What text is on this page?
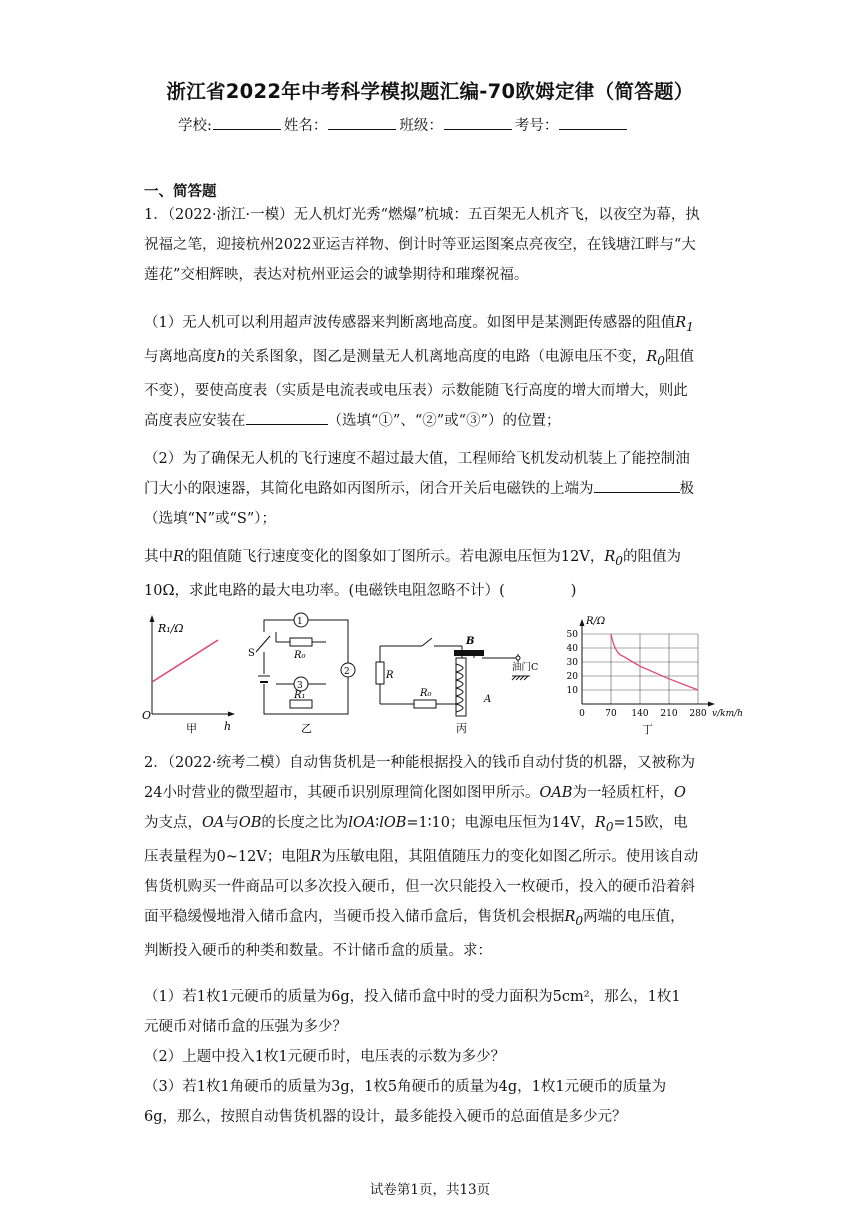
浙江省2022年中考科学模拟题汇编-70欧姆定律（简答题）
学校:	姓名：	班级：	考号：
一、简答题
1．（2022·浙江·一模）无人机灯光秀“燃爆”杭城：五百架无人机齐飞，以夜空为幕，执
祝福之笔，迎接杭州2022亚运吉祥物、倒计时等亚运图案点亮夜空，在钱塘江畔与“大
莲花”交相辉映，表达对杭州亚运会的诚挚期待和璀璨祝福。
（1）无人机可以利用超声波传感器来判断离地高度。如图甲是某测距传感器的阻值$R_1$
与离地高度h的关系图象，图乙是测量无人机离地高度的电路（电源电压不变，$R_0$阻值
不变），要使高度表（实质是电流表或电压表）示数能随飞行高度的增大而增大，则此
高度表应安装在	（选填“①”、“②”或“③”）的位置；
（2）为了确保无人机的飞行速度不超过最大值，工程师给飞机发动机装上了能控制油
门大小的限速器，其简化电路如丙图所示，闭合开关后电磁铁的上端为	极
（选填“N”或“S”）；
其中R的阻值随飞行速度变化的图象如丁图所示。若电源电压恒为12V，$R_0$的阻值为
10Ω，求此电路的最大电功率。(电磁铁电阻忽略不计）(	)
R₁/Ω
O
h
甲
1
3
2
S	R₀
R₁
乙
R
R₀
B
A
油门C
丙
50
40
30
20
10
0 70 140 210 280
R/Ω
v/km/h
丁
2．（2022·统考二模）自动售货机是一种能根据投入的钱币自动付货的机器，又被称为
24小时营业的微型超市，其硬币识别原理简化图如图甲所示。OAB为一轻质杠杆，O
为支点，OA与OB的长度之比为lOA∶lOB=1∶10；电源电压恒为14V，$R_0=15$欧，电
压表量程为0~12V；电阻R为压敏电阻，其阻值随压力的变化如图乙所示。使用该自动
售货机购买一件商品可以多次投入硬币，但一次只能投入一枚硬币，投入的硬币沿着斜
面平稳缓慢地滑入储币盒内，当硬币投入储币盒后，售货机会根据$R_0$两端的电压值，
判断投入硬币的种类和数量。不计储币盒的质量。求：
（1）若1枚1元硬币的质量为6g，投入储币盒中时的受力面积为5cm²，那么，1枚1
元硬币对储币盒的压强为多少？
（2）上题中投入1枚1元硬币时，电压表的示数为多少？
（3）若1枚1角硬币的质量为3g，1枚5角硬币的质量为4g，1枚1元硬币的质量为
6g，那么，按照自动售货机器的设计，最多能投入硬币的总面值是多少元？
试卷第1页，共13页
